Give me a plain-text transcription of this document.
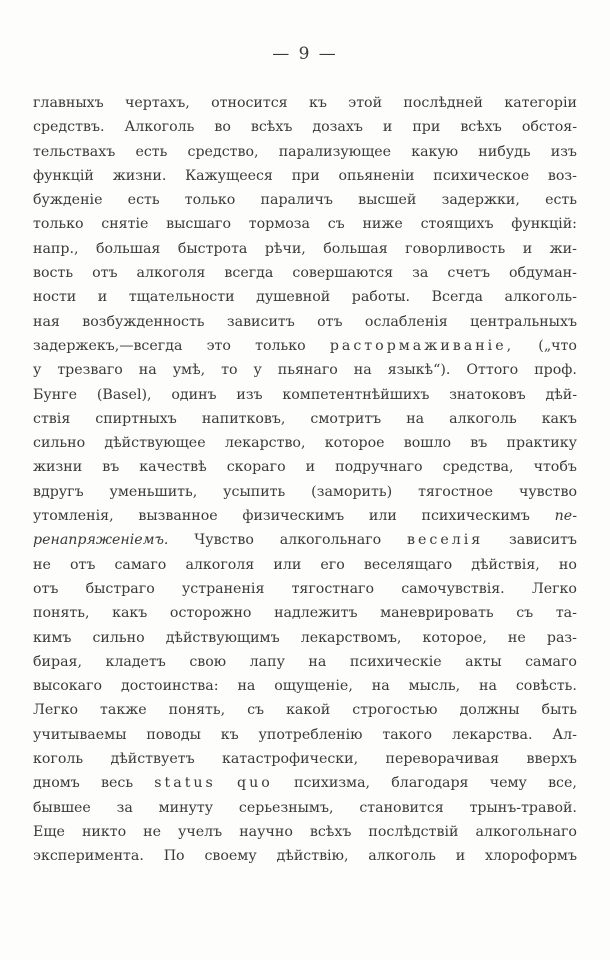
— 9 —
главныхъ чертахъ, относится къ этой послѣдней категоріи
средствъ. Алкоголь во всѣхъ дозахъ и при всѣхъ обстоя-
тельствахъ есть средство, парализующее какую нибудь изъ
функцій жизни. Кажущееся при опьяненіи психическое воз-
бужденіе есть только параличъ высшей задержки, есть
только снятіе высшаго тормоза съ ниже стоящихъ функцій:
напр., большая быстрота рѣчи, большая говорливость и жи-
вость отъ алкоголя всегда совершаются за счетъ обдуман-
ности и тщательности душевной работы. Всегда алкоголь-
ная возбужденность зависитъ отъ ослабленія центральныхъ
задержекъ,—всегда это только растормаживаніе, („что
у трезваго на умѣ, то у пьянаго на языкѣ“). Оттого проф.
Бунге (Basel), одинъ изъ компетентнѣйшихъ знатоковъ дѣй-
ствія спиртныхъ напитковъ, смотритъ на алкоголь какъ
сильно дѣйствующее лекарство, которое вошло въ практику
жизни въ качествѣ скораго и подручнаго средства, чтобъ
вдругъ уменьшить, усыпить (заморить) тягостное чувство
утомленія, вызванное физическимъ или психическимъ пе-
ренапряженіемъ. Чувство алкогольнаго веселія зависитъ
не отъ самаго алкоголя или его веселящаго дѣйствія, но
отъ быстраго устраненія тягостнаго самочувствія. Легко
понять, какъ осторожно надлежитъ маневрировать съ та-
кимъ сильно дѣйствующимъ лекарствомъ, которое, не раз-
бирая, кладетъ свою лапу на психическіе акты самаго
высокаго достоинства: на ощущеніе, на мысль, на совѣсть.
Легко также понять, съ какой строгостью должны быть
учитываемы поводы къ употребленію такого лекарства. Ал-
коголь дѣйствуетъ катастрофически, переворачивая вверхъ
дномъ весь status quo психизма, благодаря чему все,
бывшее за минуту серьезнымъ, становится трынъ-травой.
Еще никто не учелъ научно всѣхъ послѣдствій алкогольнаго
эксперимента. По своему дѣйствію, алкоголь и хлороформъ
